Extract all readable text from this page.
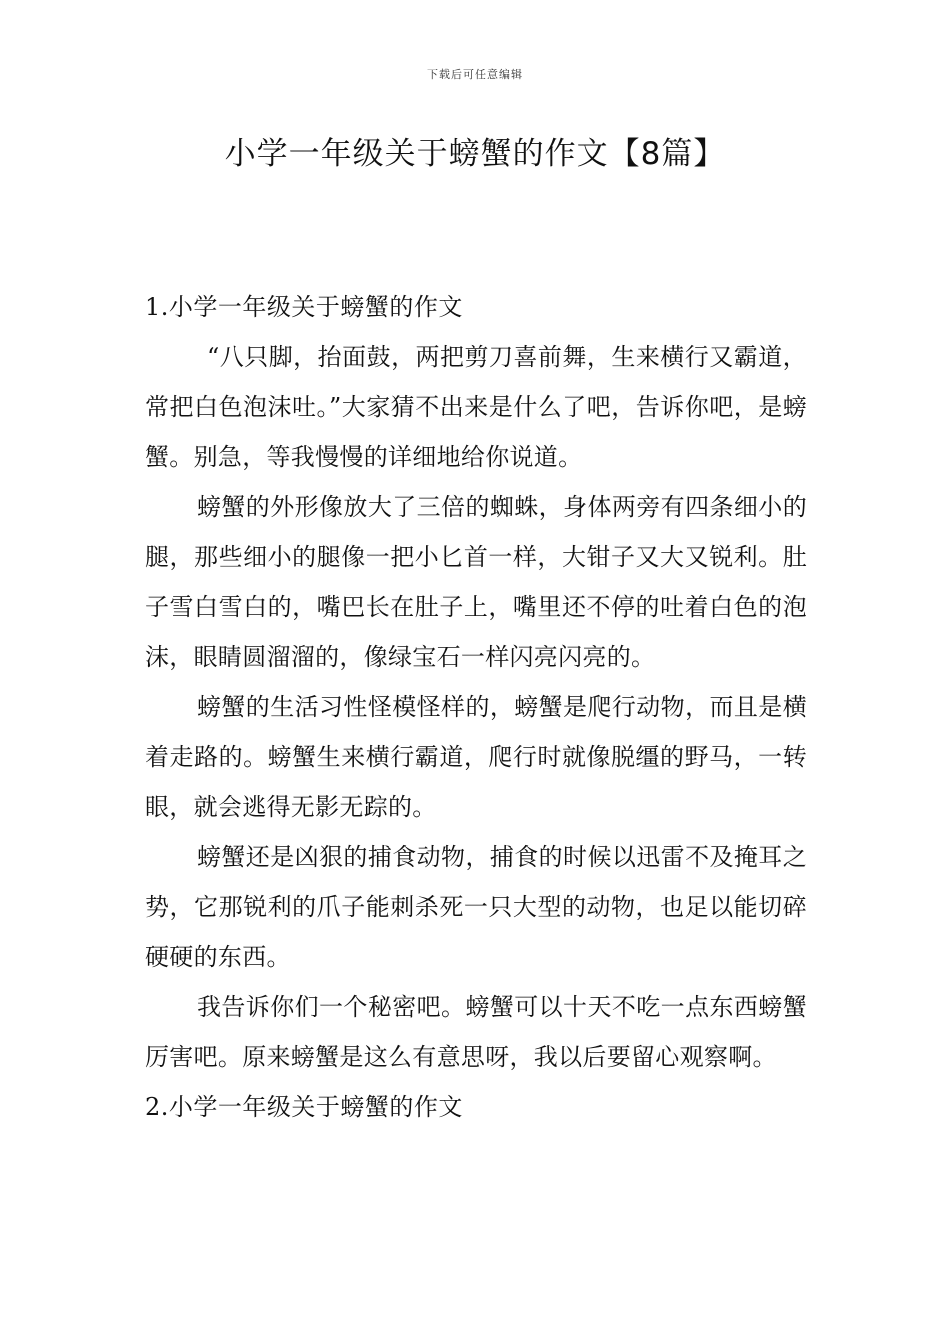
下载后可任意编辑
小学一年级关于螃蟹的作文【8篇】

1.小学一年级关于螃蟹的作文

“八只脚，抬面鼓，两把剪刀喜前舞，生来横行又霸道，常把白色泡沫吐。”大家猜不出来是什么了吧，告诉你吧，是螃蟹。别急，等我慢慢的详细地给你说道。

螃蟹的外形像放大了三倍的蜘蛛，身体两旁有四条细小的腿，那些细小的腿像一把小匕首一样，大钳子又大又锐利。肚子雪白雪白的，嘴巴长在肚子上，嘴里还不停的吐着白色的泡沫，眼睛圆溜溜的，像绿宝石一样闪亮闪亮的。

螃蟹的生活习性怪模怪样的，螃蟹是爬行动物，而且是横着走路的。螃蟹生来横行霸道，爬行时就像脱缰的野马，一转眼，就会逃得无影无踪的。

螃蟹还是凶狠的捕食动物，捕食的时候以迅雷不及掩耳之势，它那锐利的爪子能刺杀死一只大型的动物，也足以能切碎硬硬的东西。

我告诉你们一个秘密吧。螃蟹可以十天不吃一点东西螃蟹厉害吧。原来螃蟹是这么有意思呀，我以后要留心观察啊。

2.小学一年级关于螃蟹的作文
